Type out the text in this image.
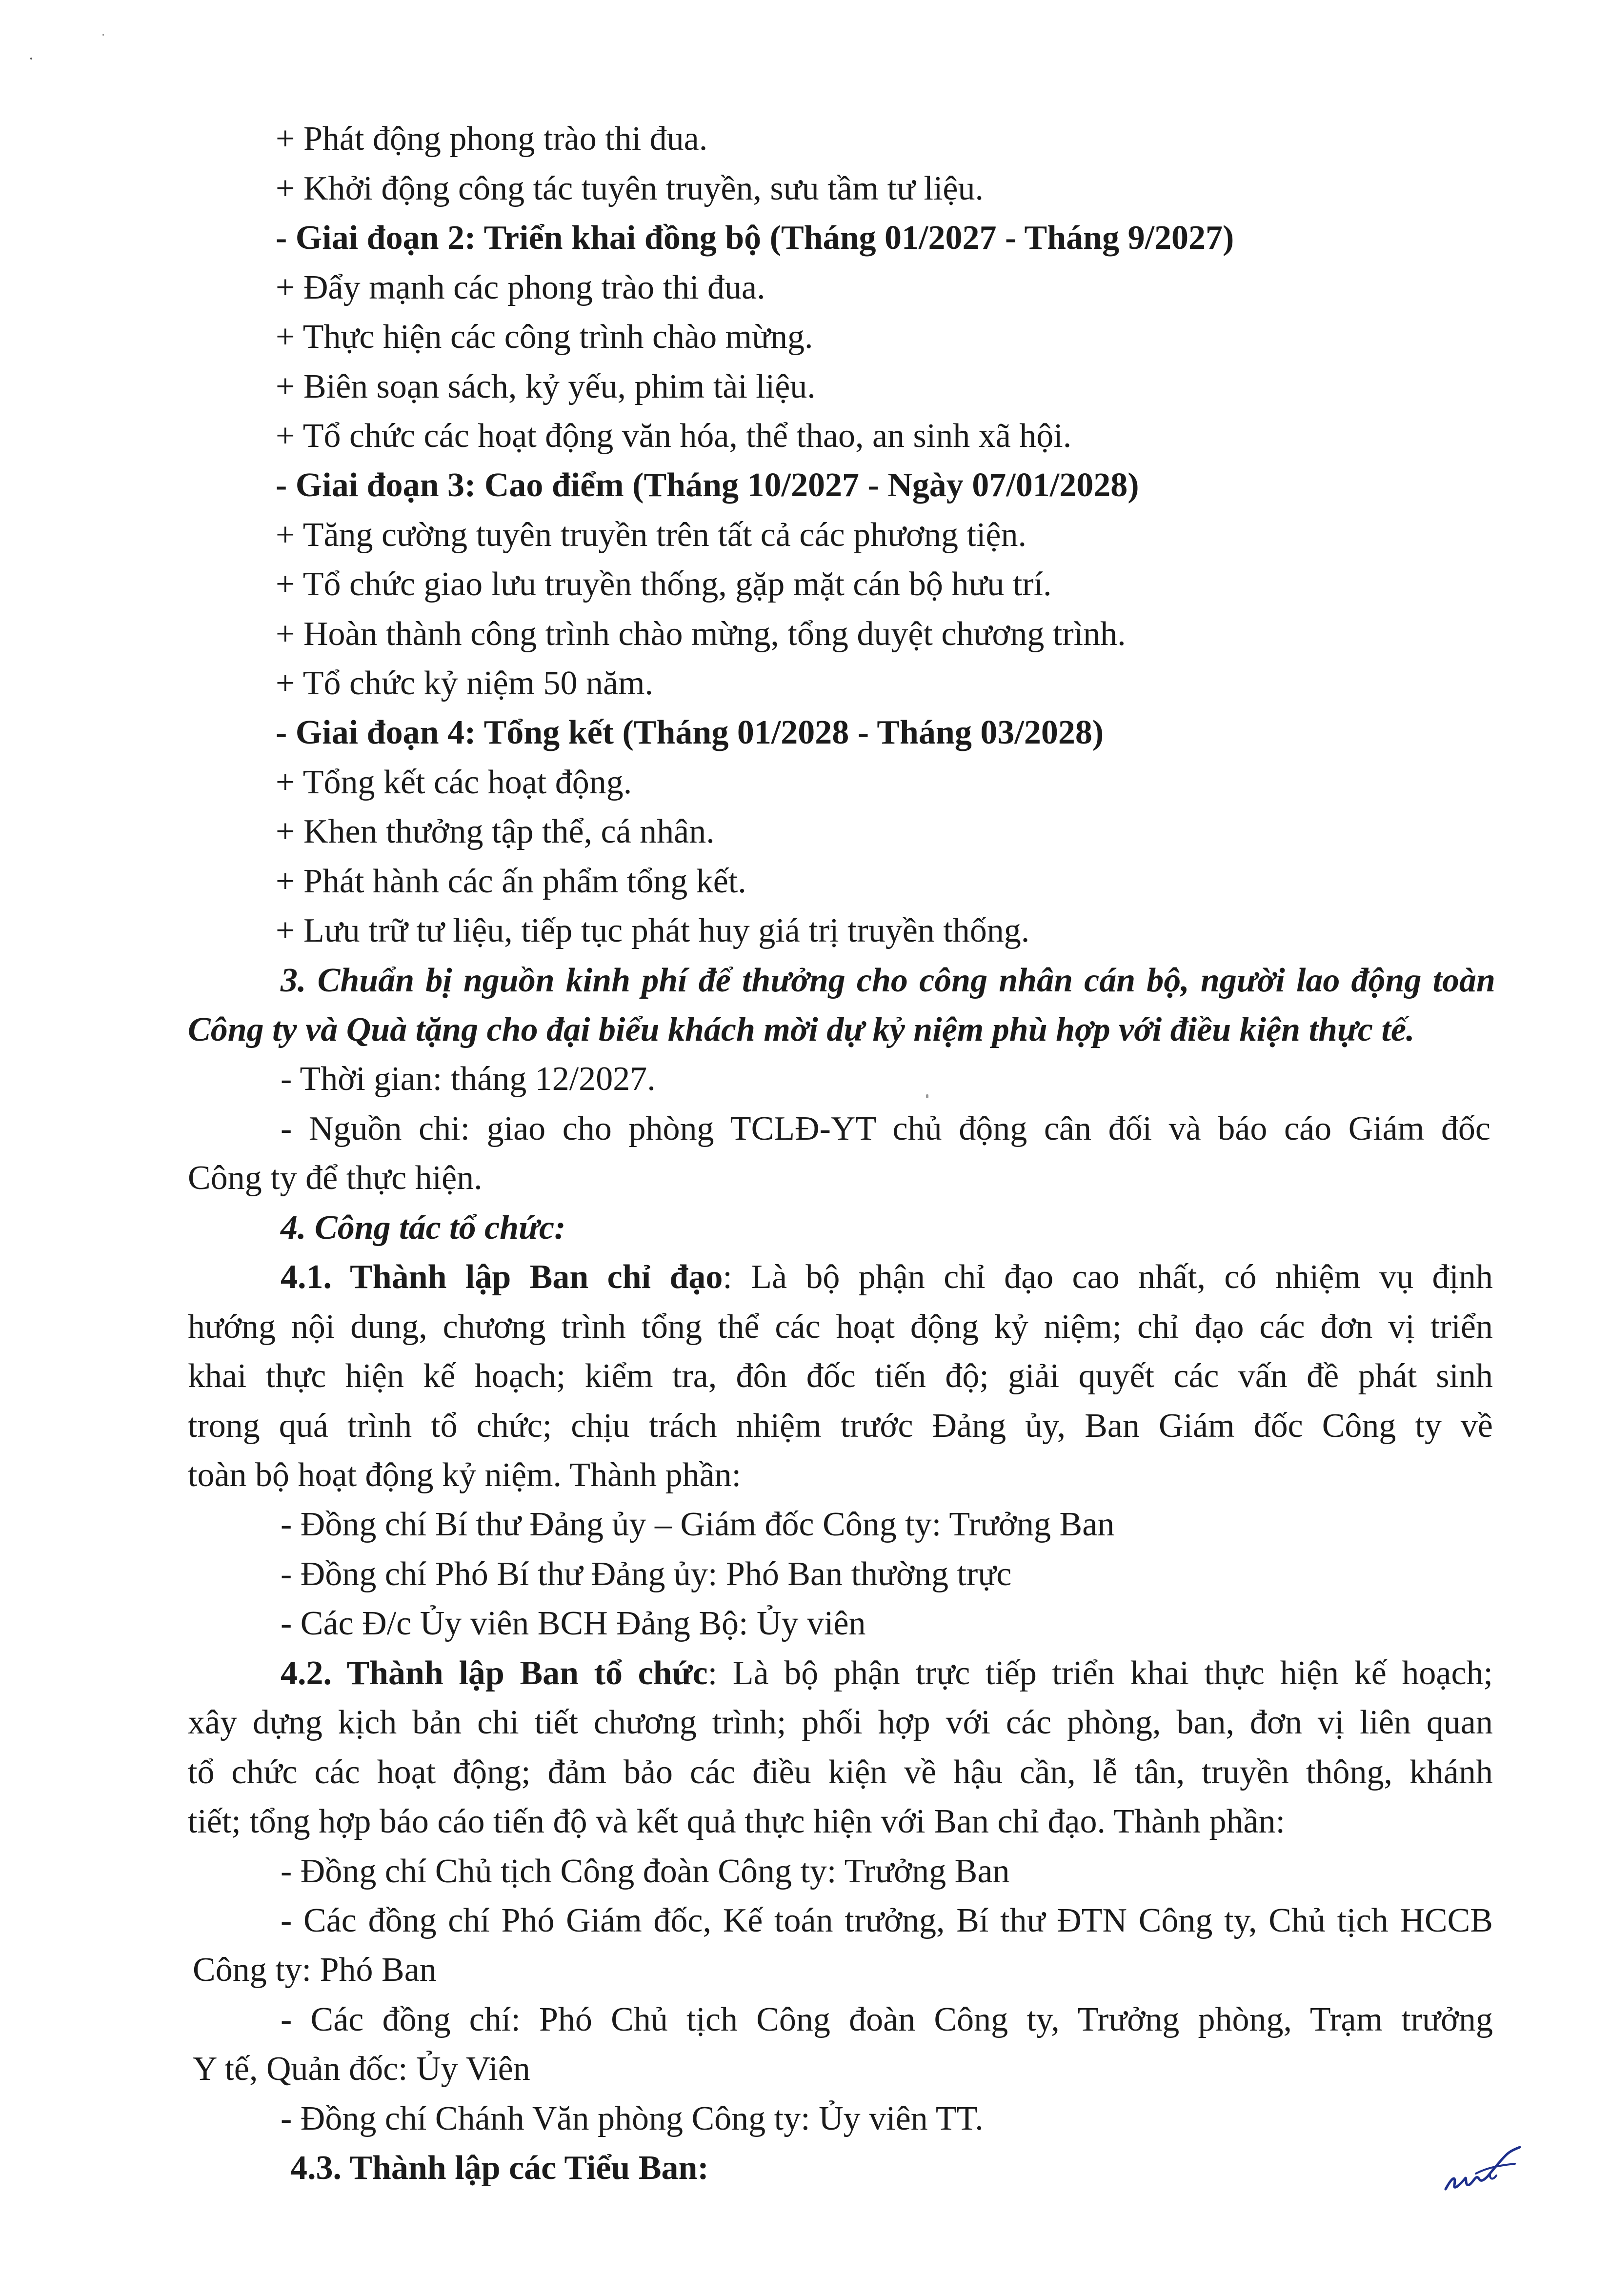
+ Phát động phong trào thi đua.
+ Khởi động công tác tuyên truyền, sưu tầm tư liệu.
- Giai đoạn 2: Triển khai đồng bộ (Tháng 01/2027 - Tháng 9/2027)
+ Đẩy mạnh các phong trào thi đua.
+ Thực hiện các công trình chào mừng.
+ Biên soạn sách, kỷ yếu, phim tài liệu.
+ Tổ chức các hoạt động văn hóa, thể thao, an sinh xã hội.
- Giai đoạn 3: Cao điểm (Tháng 10/2027 - Ngày 07/01/2028)
+ Tăng cường tuyên truyền trên tất cả các phương tiện.
+ Tổ chức giao lưu truyền thống, gặp mặt cán bộ hưu trí.
+ Hoàn thành công trình chào mừng, tổng duyệt chương trình.
+ Tổ chức kỷ niệm 50 năm.
- Giai đoạn 4: Tổng kết (Tháng 01/2028 - Tháng 03/2028)
+ Tổng kết các hoạt động.
+ Khen thưởng tập thể, cá nhân.
+ Phát hành các ấn phẩm tổng kết.
+ Lưu trữ tư liệu, tiếp tục phát huy giá trị truyền thống.
3. Chuẩn bị nguồn kinh phí để thưởng cho công nhân cán bộ, người lao động toàn
Công ty và Quà tặng cho đại biểu khách mời dự kỷ niệm phù hợp với điều kiện thực tế.
- Thời gian: tháng 12/2027.
- Nguồn chi: giao cho phòng TCLĐ-YT chủ động cân đối và báo cáo Giám đốc
Công ty để thực hiện.
4. Công tác tổ chức:
4.1. Thành lập Ban chỉ đạo: Là bộ phận chỉ đạo cao nhất, có nhiệm vụ định
hướng nội dung, chương trình tổng thể các hoạt động kỷ niệm; chỉ đạo các đơn vị triển
khai thực hiện kế hoạch; kiểm tra, đôn đốc tiến độ; giải quyết các vấn đề phát sinh
trong quá trình tổ chức; chịu trách nhiệm trước Đảng ủy, Ban Giám đốc Công ty về
toàn bộ hoạt động kỷ niệm. Thành phần:
- Đồng chí Bí thư Đảng ủy – Giám đốc Công ty: Trưởng Ban
- Đồng chí Phó Bí thư Đảng ủy: Phó Ban thường trực
- Các Đ/c Ủy viên BCH Đảng Bộ: Ủy viên
4.2. Thành lập Ban tổ chức: Là bộ phận trực tiếp triển khai thực hiện kế hoạch;
xây dựng kịch bản chi tiết chương trình; phối hợp với các phòng, ban, đơn vị liên quan
tổ chức các hoạt động; đảm bảo các điều kiện về hậu cần, lễ tân, truyền thông, khánh
tiết; tổng hợp báo cáo tiến độ và kết quả thực hiện với Ban chỉ đạo. Thành phần:
- Đồng chí Chủ tịch Công đoàn Công ty: Trưởng Ban
- Các đồng chí Phó Giám đốc, Kế toán trưởng, Bí thư ĐTN Công ty, Chủ tịch HCCB
Công ty: Phó Ban
- Các đồng chí: Phó Chủ tịch Công đoàn Công ty, Trưởng phòng, Trạm trưởng
Y tế, Quản đốc: Ủy Viên
- Đồng chí Chánh Văn phòng Công ty: Ủy viên TT.
4.3. Thành lập các Tiểu Ban:
